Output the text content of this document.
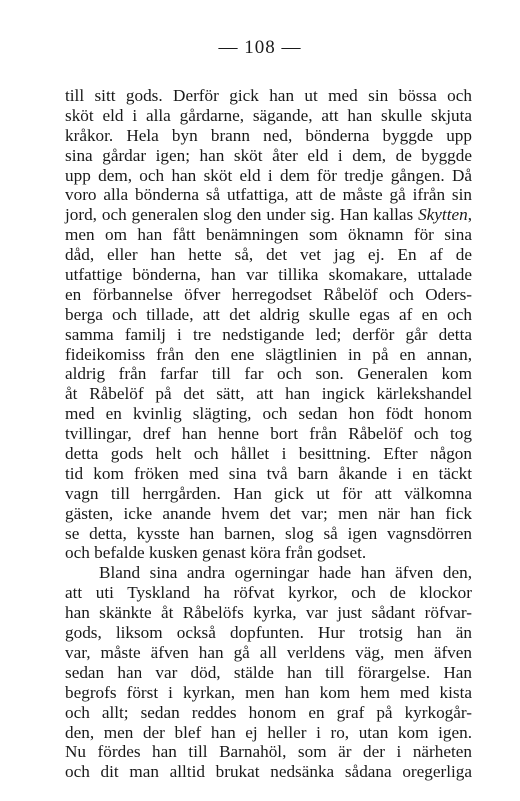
— 108 —
till sitt gods. Derför gick han ut med sin bössa och
sköt eld i alla gårdarne, sägande, att han skulle skjuta
kråkor. Hela byn brann ned, bönderna byggde upp
sina gårdar igen; han sköt åter eld i dem, de byggde
upp dem, och han sköt eld i dem för tredje gången. Då
voro alla bönderna så utfattiga, att de måste gå ifrån sin
jord, och generalen slog den under sig. Han kallas Skytten,
men om han fått benämningen som öknamn för sina
dåd, eller han hette så, det vet jag ej. En af de
utfattige bönderna, han var tillika skomakare, uttalade
en förbannelse öfver herregodset Råbelöf och Oders-
berga och tillade, att det aldrig skulle egas af en och
samma familj i tre nedstigande led; derför går detta
fideikomiss från den ene slägtlinien in på en annan,
aldrig från farfar till far och son. Generalen kom
åt Råbelöf på det sätt, att han ingick kärlekshandel
med en kvinlig slägting, och sedan hon födt honom
tvillingar, dref han henne bort från Råbelöf och tog
detta gods helt och hållet i besittning. Efter någon
tid kom fröken med sina två barn åkande i en täckt
vagn till herrgården. Han gick ut för att välkomna
gästen, icke anande hvem det var; men när han fick
se detta, kysste han barnen, slog så igen vagnsdörren
och befalde kusken genast köra från godset.
Bland sina andra ogerningar hade han äfven den,
att uti Tyskland ha röfvat kyrkor, och de klockor
han skänkte åt Råbelöfs kyrka, var just sådant röfvar-
gods, liksom också dopfunten. Hur trotsig han än
var, måste äfven han gå all verldens väg, men äfven
sedan han var död, stälde han till förargelse. Han
begrofs först i kyrkan, men han kom hem med kista
och allt; sedan reddes honom en graf på kyrkogår-
den, men der blef han ej heller i ro, utan kom igen.
Nu fördes han till Barnahöl, som är der i närheten
och dit man alltid brukat nedsänka sådana oregerliga
